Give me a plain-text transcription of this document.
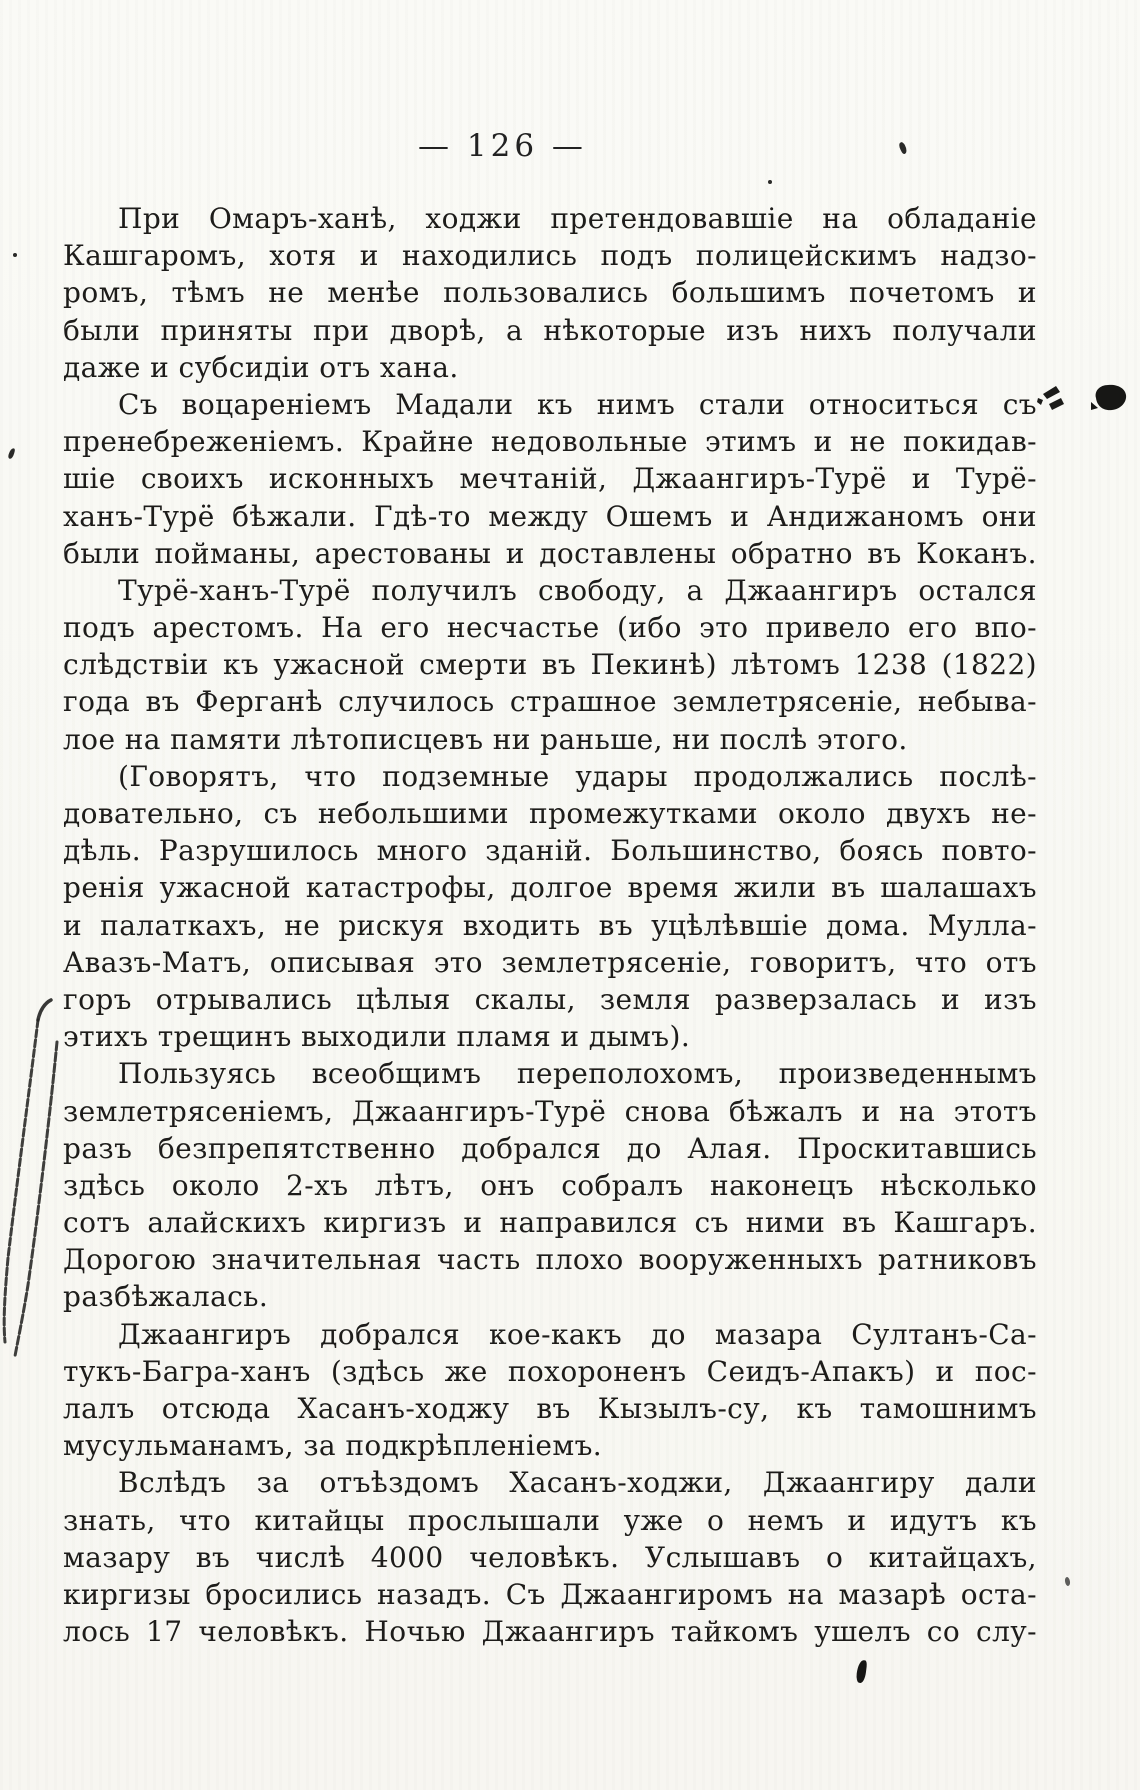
— 126 —
При Омаръ-ханѣ, ходжи претендовавшіе на обладаніе
Кашгаромъ, хотя и находились подъ полицейскимъ надзо-
ромъ, тѣмъ не менѣе пользовались большимъ почетомъ и
были приняты при дворѣ, а нѣкоторые изъ нихъ получали
даже и субсидіи отъ хана.
Съ воцареніемъ Мадали къ нимъ стали относиться съ
пренебреженіемъ. Крайне недовольные этимъ и не покидав-
шіе своихъ исконныхъ мечтаній, Джаангиръ-Турё и Турё-
ханъ-Турё бѣжали. Гдѣ-то между Ошемъ и Андижаномъ они
были пойманы, арестованы и доставлены обратно въ Коканъ.
Турё-ханъ-Турё получилъ свободу, а Джаангиръ остался
подъ арестомъ. На его несчастье (ибо это привело его впо-
слѣдствіи къ ужасной смерти въ Пекинѣ) лѣтомъ 1238 (1822)
года въ Ферганѣ случилось страшное землетрясеніе, небыва-
лое на памяти лѣтописцевъ ни раньше, ни послѣ этого.
(Говорятъ, что подземные удары продолжались послѣ-
довательно, съ небольшими промежутками около двухъ не-
дѣль. Разрушилось много зданій. Большинство, боясь повто-
ренія ужасной катастрофы, долгое время жили въ шалашахъ
и палаткахъ, не рискуя входить въ уцѣлѣвшіе дома. Мулла-
Авазъ-Матъ, описывая это землетрясеніе, говоритъ, что отъ
горъ отрывались цѣлыя скалы, земля разверзалась и изъ
этихъ трещинъ выходили пламя и дымъ).
Пользуясь всеобщимъ переполохомъ, произведеннымъ
землетрясеніемъ, Джаангиръ-Турё снова бѣжалъ и на этотъ
разъ безпрепятственно добрался до Алая. Проскитавшись
здѣсь около 2-хъ лѣтъ, онъ собралъ наконецъ нѣсколько
сотъ алайскихъ киргизъ и направился съ ними въ Кашгаръ.
Дорогою значительная часть плохо вооруженныхъ ратниковъ
разбѣжалась.
Джаангиръ добрался кое-какъ до мазара Султанъ-Са-
тукъ-Багра-ханъ (здѣсь же похороненъ Сеидъ-Апакъ) и пос-
лалъ отсюда Хасанъ-ходжу въ Кызылъ-су, къ тамошнимъ
мусульманамъ, за подкрѣпленіемъ.
Вслѣдъ за отъѣздомъ Хасанъ-ходжи, Джаангиру дали
знать, что китайцы прослышали уже о немъ и идутъ къ
мазару въ числѣ 4000 человѣкъ. Услышавъ о китайцахъ,
киргизы бросились назадъ. Съ Джаангиромъ на мазарѣ оста-
лось 17 человѣкъ. Ночью Джаангиръ тайкомъ ушелъ со слу-
